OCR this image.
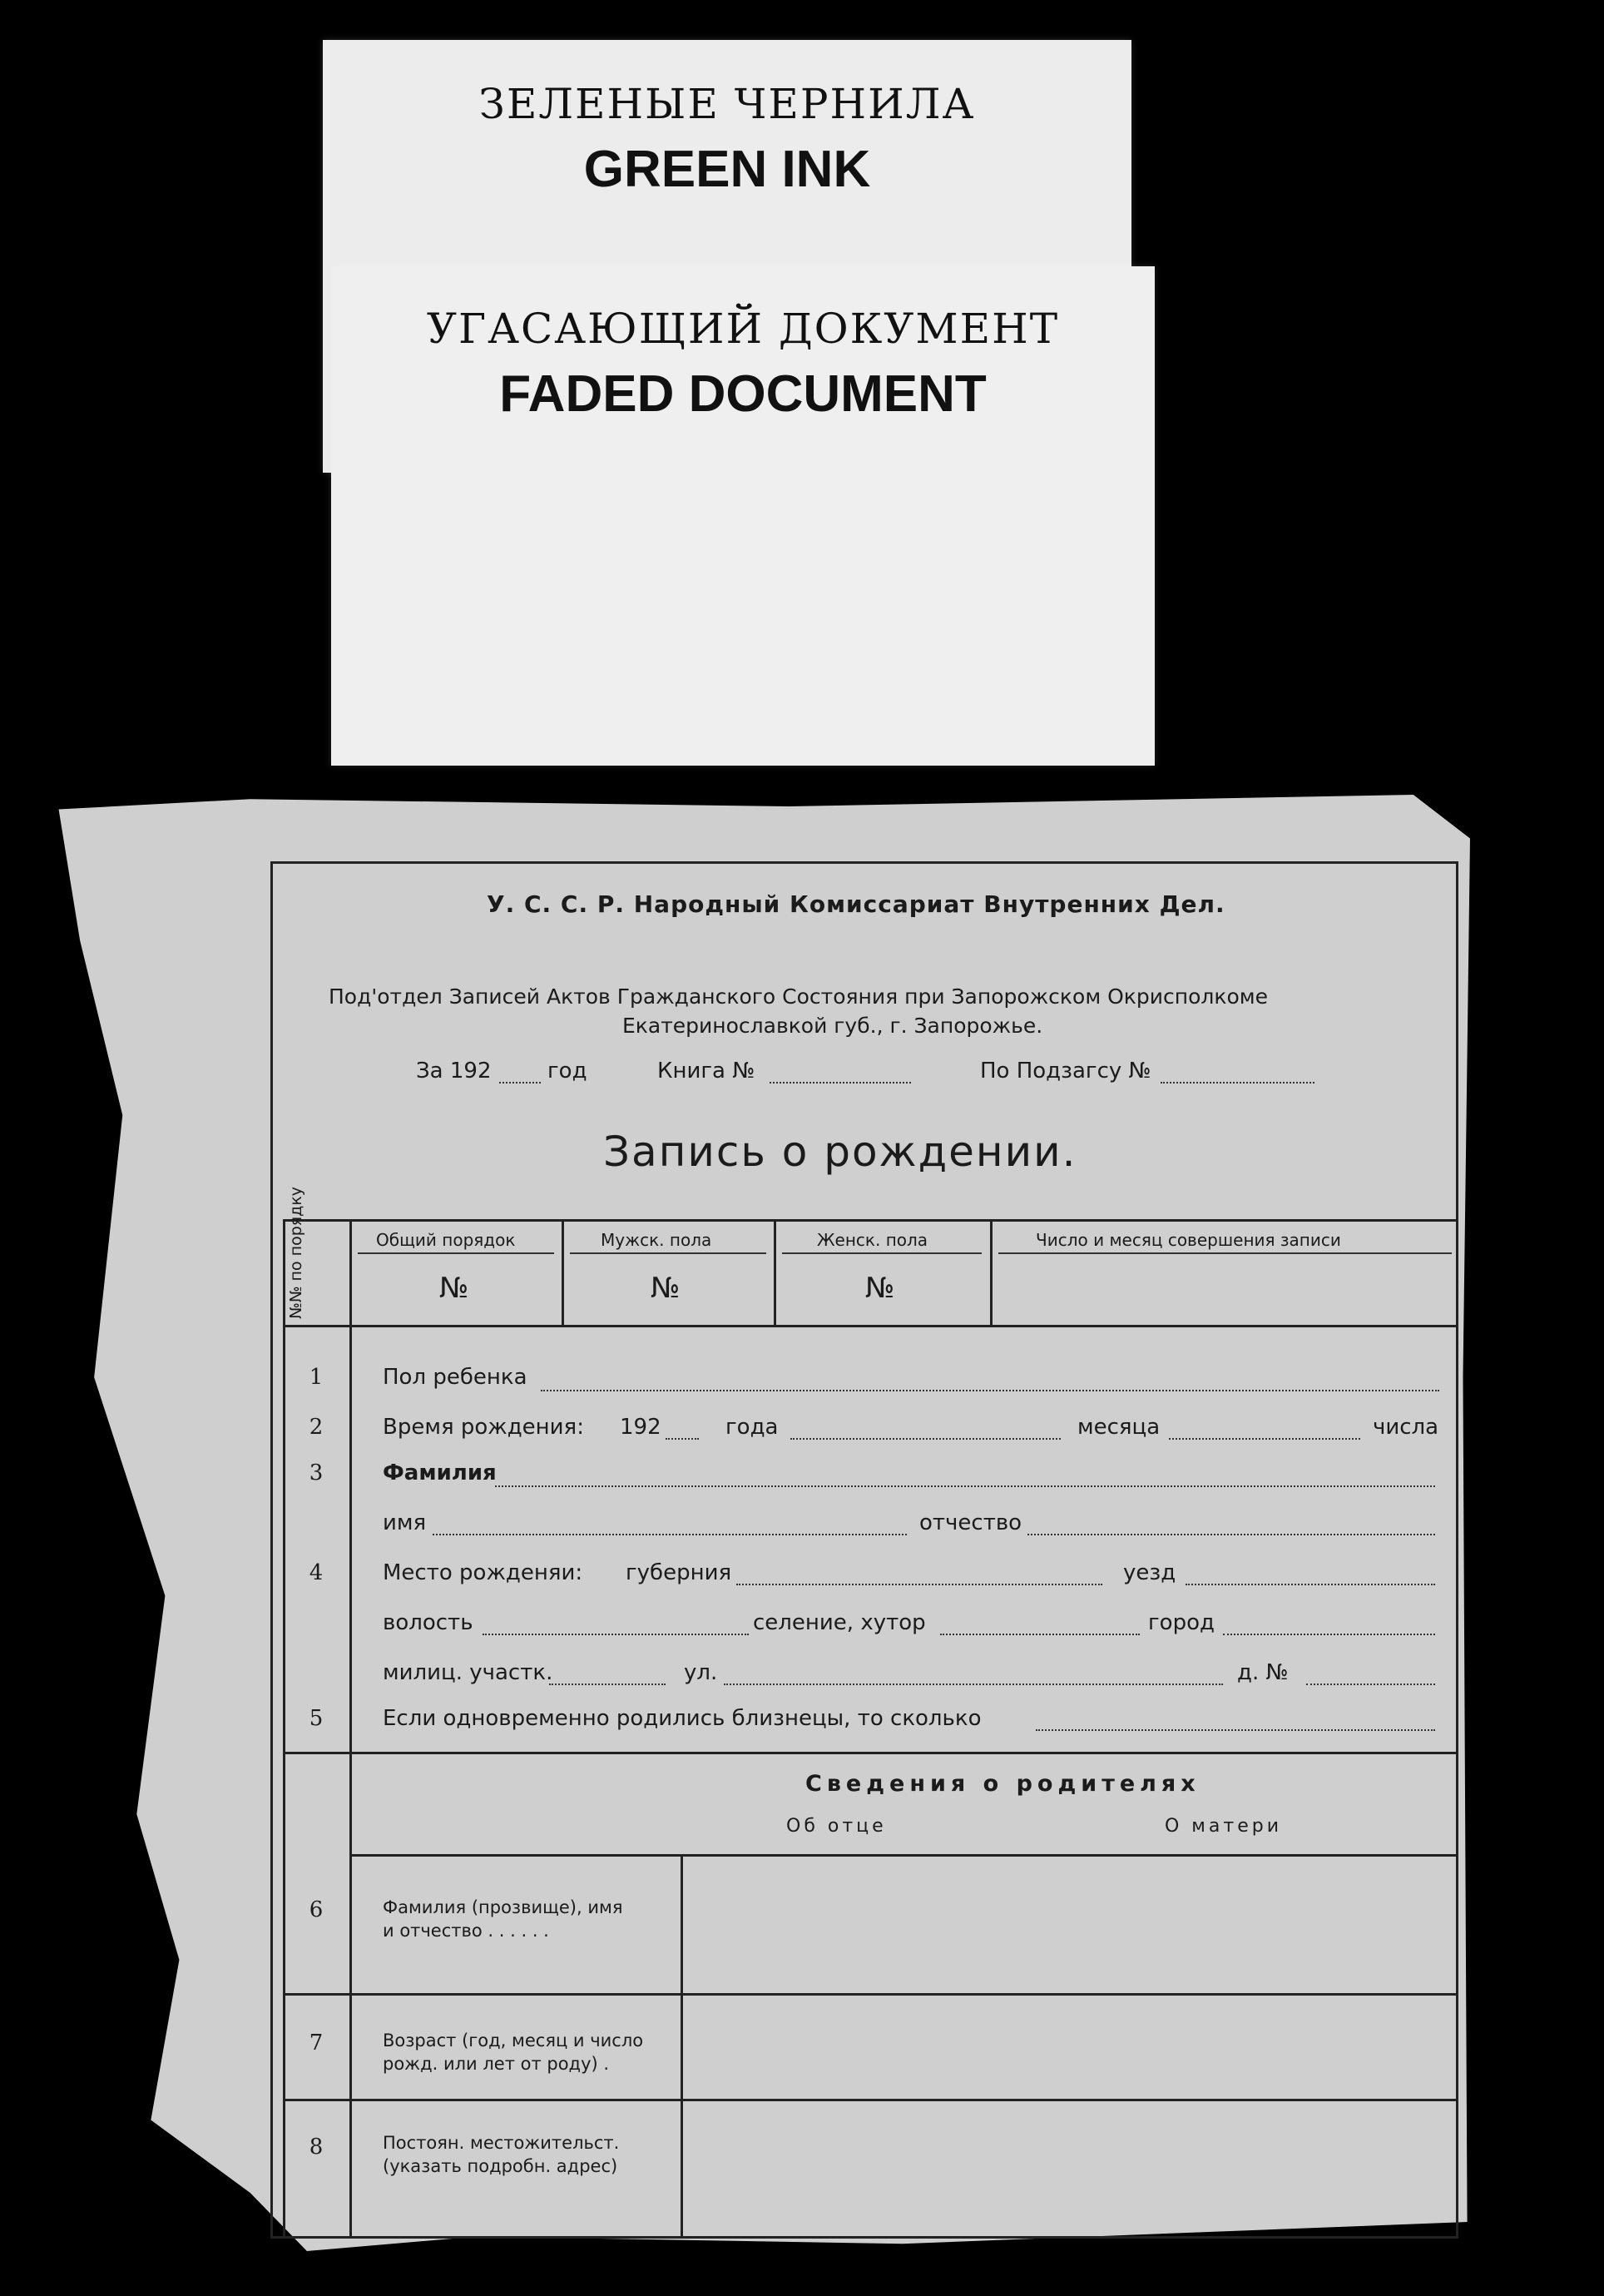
ЗЕЛЕНЫЕ ЧЕРНИЛА
GREEN INK
УГАСАЮЩИЙ ДОКУМЕНТ
FADED DOCUMENT
У. С. С. Р. Народный Комиссариат Внутренних Дел.
Под'отдел Записей Актов Гражданского Состояния при Запорожском Окрисполкоме
Екатеринославкой губ., г. Запорожье.
За 192	год	Книга №	По Подзагсу №
Запись о рождении.
№№ по порядку	Общий порядок	Мужск. пола	Женск. пола	Число и месяц совершения записи
№	№	№
1	Пол ребенка
2	Время рождения: 192	года	месяца	числа
3	Фамилия
имя	отчество
4	Место рожденяи: губерния	уезд
волость	селение, хутор	город
милиц. участк.	ул.	д. №
5	Если одновременно родились близнецы, то сколько
Сведения о родителях
Об отце	О матери
6	Фамилия (прозвище), имя
и отчество . . . . . .
7	Возраст (год, месяц и число
рожд. или лет от роду) .
8	Постоян. местожительст.
(указать подробн. адрес)
